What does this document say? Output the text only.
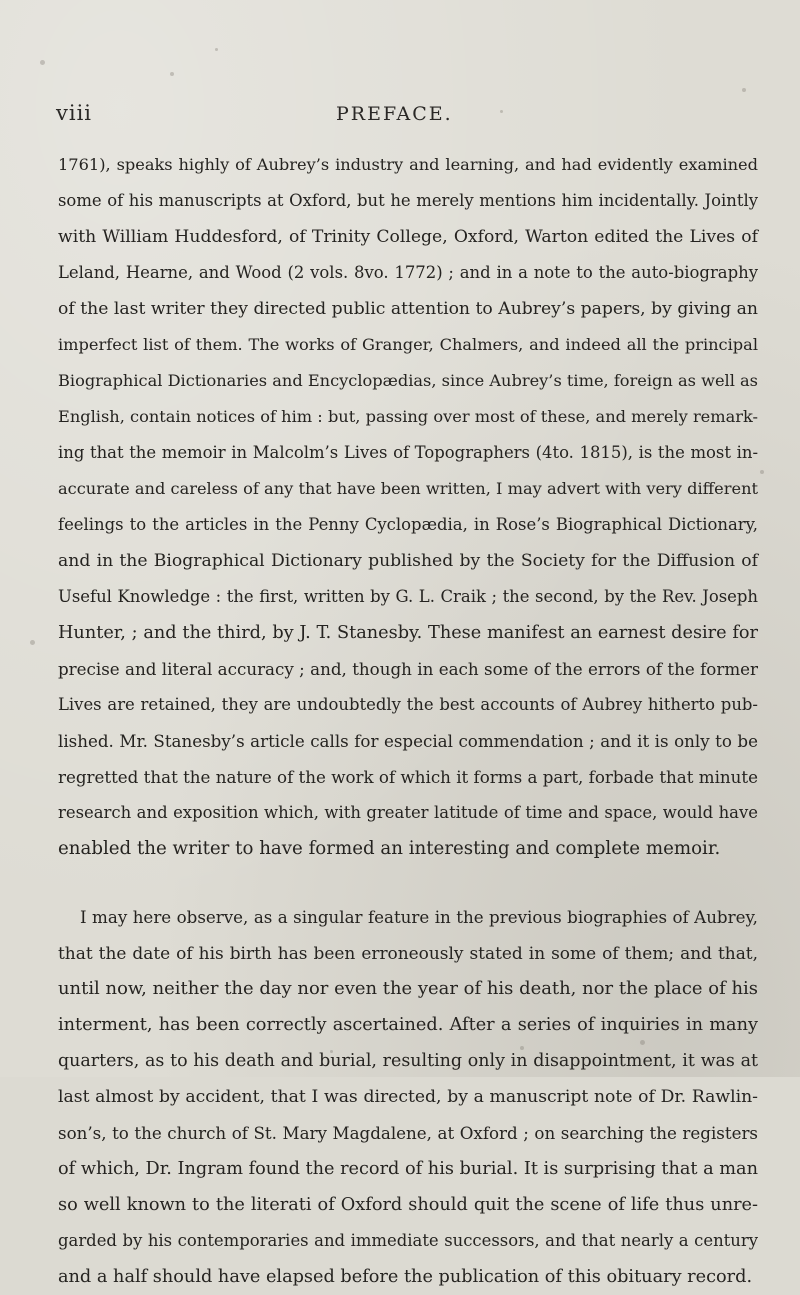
viii	PREFACE.
1761), speaks highly of Aubrey’s industry and learning, and had evidently examined
some of his manuscripts at Oxford, but he merely mentions him incidentally. Jointly
with William Huddesford, of Trinity College, Oxford, Warton edited the Lives of
Leland, Hearne, and Wood (2 vols. 8vo. 1772) ; and in a note to the auto-biography
of the last writer they directed public attention to Aubrey’s papers, by giving an
imperfect list of them. The works of Granger, Chalmers, and indeed all the principal
Biographical Dictionaries and Encyclopædias, since Aubrey’s time, foreign as well as
English, contain notices of him : but, passing over most of these, and merely remark-
ing that the memoir in Malcolm’s Lives of Topographers (4to. 1815), is the most in-
accurate and careless of any that have been written, I may advert with very different
feelings to the articles in the Penny Cyclopædia, in Rose’s Biographical Dictionary,
and in the Biographical Dictionary published by the Society for the Diffusion of
Useful Knowledge : the first, written by G. L. Craik ; the second, by the Rev. Joseph
Hunter, ; and the third, by J. T. Stanesby. These manifest an earnest desire for
precise and literal accuracy ; and, though in each some of the errors of the former
Lives are retained, they are undoubtedly the best accounts of Aubrey hitherto pub-
lished. Mr. Stanesby’s article calls for especial commendation ; and it is only to be
regretted that the nature of the work of which it forms a part, forbade that minute
research and exposition which, with greater latitude of time and space, would have
enabled the writer to have formed an interesting and complete memoir.
I may here observe, as a singular feature in the previous biographies of Aubrey,
that the date of his birth has been erroneously stated in some of them; and that,
until now, neither the day nor even the year of his death, nor the place of his
interment, has been correctly ascertained. After a series of inquiries in many
quarters, as to his death and burial, resulting only in disappointment, it was at
last almost by accident, that I was directed, by a manuscript note of Dr. Rawlin-
son’s, to the church of St. Mary Magdalene, at Oxford ; on searching the registers
of which, Dr. Ingram found the record of his burial. It is surprising that a man
so well known to the literati of Oxford should quit the scene of life thus unre-
garded by his contemporaries and immediate successors, and that nearly a century
and a half should have elapsed before the publication of this obituary record.
